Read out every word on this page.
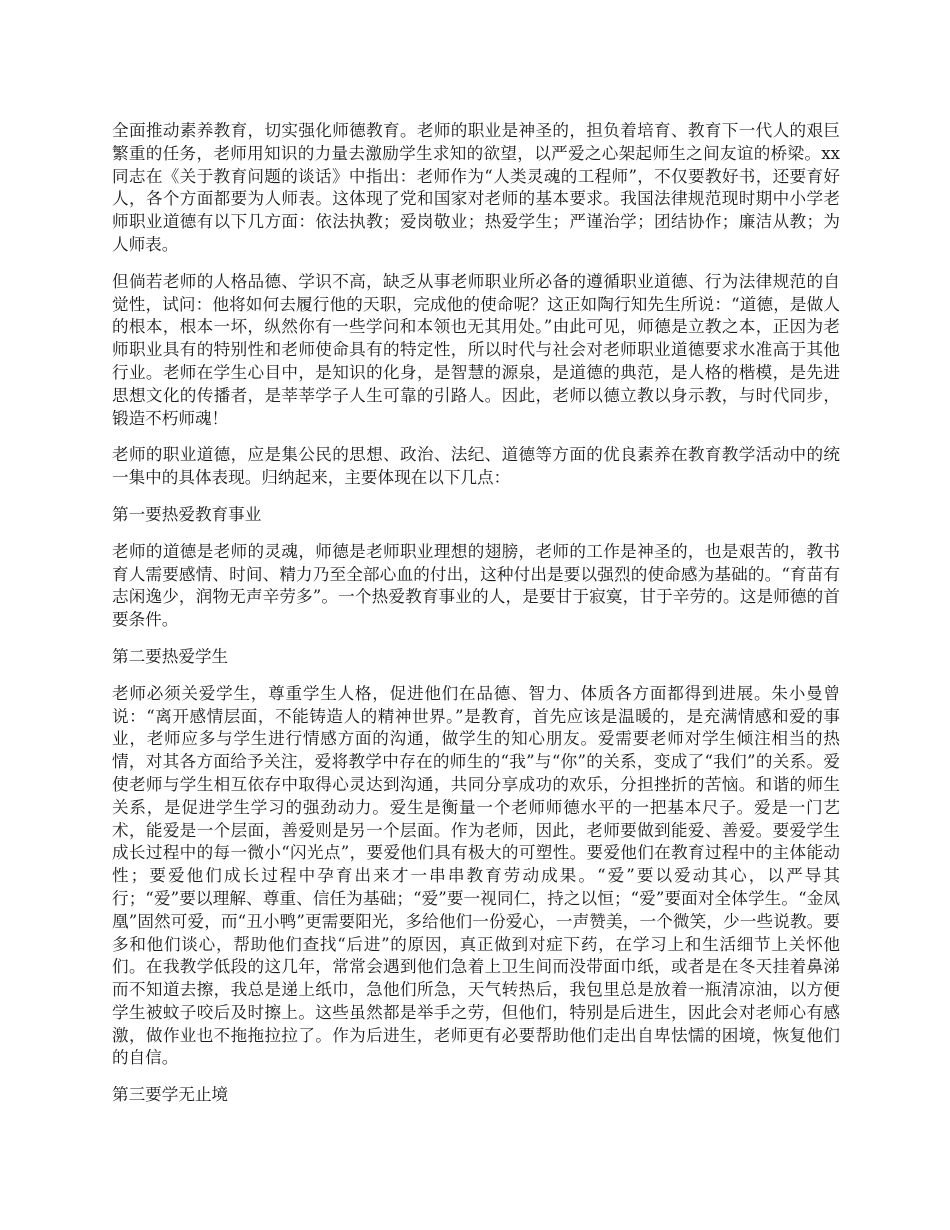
全面推动素养教育，切实强化师德教育。老师的职业是神圣的，担负着培育、教育下一代人的艰巨繁重的任务，老师用知识的力量去激励学生求知的欲望，以严爱之心架起师生之间友谊的桥梁。xx同志在《关于教育问题的谈话》中指出：老师作为“人类灵魂的工程师”，不仅要教好书，还要育好人，各个方面都要为人师表。这体现了党和国家对老师的基本要求。我国法律规范现时期中小学老师职业道德有以下几方面：依法执教；爱岗敬业；热爱学生；严谨治学；团结协作；廉洁从教；为人师表。

但倘若老师的人格品德、学识不高，缺乏从事老师职业所必备的遵循职业道德、行为法律规范的自觉性，试问：他将如何去履行他的天职，完成他的使命呢？这正如陶行知先生所说：“道德，是做人的根本，根本一坏，纵然你有一些学问和本领也无其用处。”由此可见，师德是立教之本，正因为老师职业具有的特别性和老师使命具有的特定性，所以时代与社会对老师职业道德要求水准高于其他行业。老师在学生心目中，是知识的化身，是智慧的源泉，是道德的典范，是人格的楷模，是先进思想文化的传播者，是莘莘学子人生可靠的引路人。因此，老师以德立教以身示教，与时代同步，锻造不朽师魂！

老师的职业道德，应是集公民的思想、政治、法纪、道德等方面的优良素养在教育教学活动中的统一集中的具体表现。归纳起来，主要体现在以下几点：

第一要热爱教育事业

老师的道德是老师的灵魂，师德是老师职业理想的翅膀，老师的工作是神圣的，也是艰苦的，教书育人需要感情、时间、精力乃至全部心血的付出，这种付出是要以强烈的使命感为基础的。“育苗有志闲逸少，润物无声辛劳多”。一个热爱教育事业的人，是要甘于寂寞，甘于辛劳的。这是师德的首要条件。

第二要热爱学生

老师必须关爱学生，尊重学生人格，促进他们在品德、智力、体质各方面都得到进展。朱小曼曾说：“离开感情层面，不能铸造人的精神世界。”是教育，首先应该是温暖的，是充满情感和爱的事业，老师应多与学生进行情感方面的沟通，做学生的知心朋友。爱需要老师对学生倾注相当的热情，对其各方面给予关注，爱将教学中存在的师生的“我”与“你”的关系，变成了“我们”的关系。爱使老师与学生相互依存中取得心灵达到沟通，共同分享成功的欢乐，分担挫折的苦恼。和谐的师生关系，是促进学生学习的强劲动力。爱生是衡量一个老师师德水平的一把基本尺子。爱是一门艺术，能爱是一个层面，善爱则是另一个层面。作为老师，因此，老师要做到能爱、善爱。要爱学生成长过程中的每一微小“闪光点”，要爱他们具有极大的可塑性。要爱他们在教育过程中的主体能动性；要爱他们成长过程中孕育出来才一串串教育劳动成果。“爱”要以爱动其心，以严导其行；“爱”要以理解、尊重、信任为基础；“爱”要一视同仁，持之以恒；“爱”要面对全体学生。“金凤凰”固然可爱，而“丑小鸭”更需要阳光，多给他们一份爱心，一声赞美，一个微笑，少一些说教。要多和他们谈心，帮助他们查找“后进”的原因，真正做到对症下药，在学习上和生活细节上关怀他们。在我教学低段的这几年，常常会遇到他们急着上卫生间而没带面巾纸，或者是在冬天挂着鼻涕而不知道去擦，我总是递上纸巾，急他们所急，天气转热后，我包里总是放着一瓶清凉油，以方便学生被蚊子咬后及时擦上。这些虽然都是举手之劳，但他们，特别是后进生，因此会对老师心有感激，做作业也不拖拖拉拉了。作为后进生，老师更有必要帮助他们走出自卑怯懦的困境，恢复他们的自信。

第三要学无止境
